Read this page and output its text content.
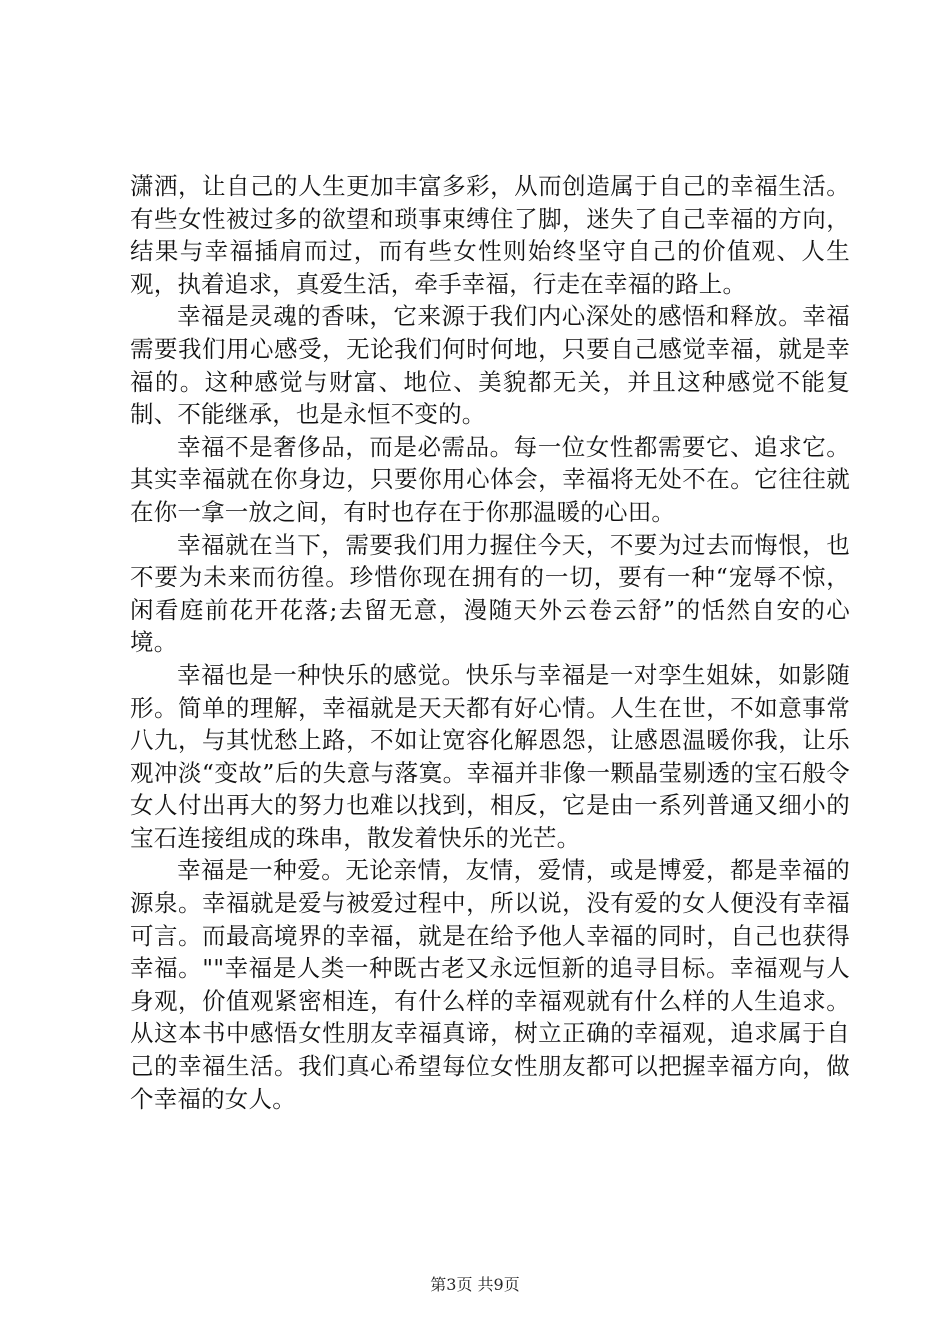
潇洒，让自己的人生更加丰富多彩，从而创造属于自己的幸福生活。有些女性被过多的欲望和琐事束缚住了脚，迷失了自己幸福的方向，结果与幸福插肩而过，而有些女性则始终坚守自己的价值观、人生观，执着追求，真爱生活，牵手幸福，行走在幸福的路上。

幸福是灵魂的香味，它来源于我们内心深处的感悟和释放。幸福需要我们用心感受，无论我们何时何地，只要自己感觉幸福，就是幸福的。这种感觉与财富、地位、美貌都无关，并且这种感觉不能复制、不能继承，也是永恒不变的。

幸福不是奢侈品，而是必需品。每一位女性都需要它、追求它。其实幸福就在你身边，只要你用心体会，幸福将无处不在。它往往就在你一拿一放之间，有时也存在于你那温暖的心田。

幸福就在当下，需要我们用力握住今天，不要为过去而悔恨，也不要为未来而彷徨。珍惜你现在拥有的一切，要有一种“宠辱不惊，闲看庭前花开花落;去留无意，漫随天外云卷云舒”的恬然自安的心境。

幸福也是一种快乐的感觉。快乐与幸福是一对孪生姐妹，如影随形。简单的理解，幸福就是天天都有好心情。人生在世，不如意事常八九，与其忧愁上路，不如让宽容化解恩怨，让感恩温暖你我，让乐观冲淡“变故”后的失意与落寞。幸福并非像一颗晶莹剔透的宝石般令女人付出再大的努力也难以找到，相反，它是由一系列普通又细小的宝石连接组成的珠串，散发着快乐的光芒。

幸福是一种爱。无论亲情，友情，爱情，或是博爱，都是幸福的源泉。幸福就是爱与被爱过程中，所以说，没有爱的女人便没有幸福可言。而最高境界的幸福，就是在给予他人幸福的同时，自己也获得幸福。""幸福是人类一种既古老又永远恒新的追寻目标。幸福观与人身观，价值观紧密相连，有什么样的幸福观就有什么样的人生追求。从这本书中感悟女性朋友幸福真谛，树立正确的幸福观，追求属于自己的幸福生活。我们真心希望每位女性朋友都可以把握幸福方向，做个幸福的女人。

第3页 共9页
